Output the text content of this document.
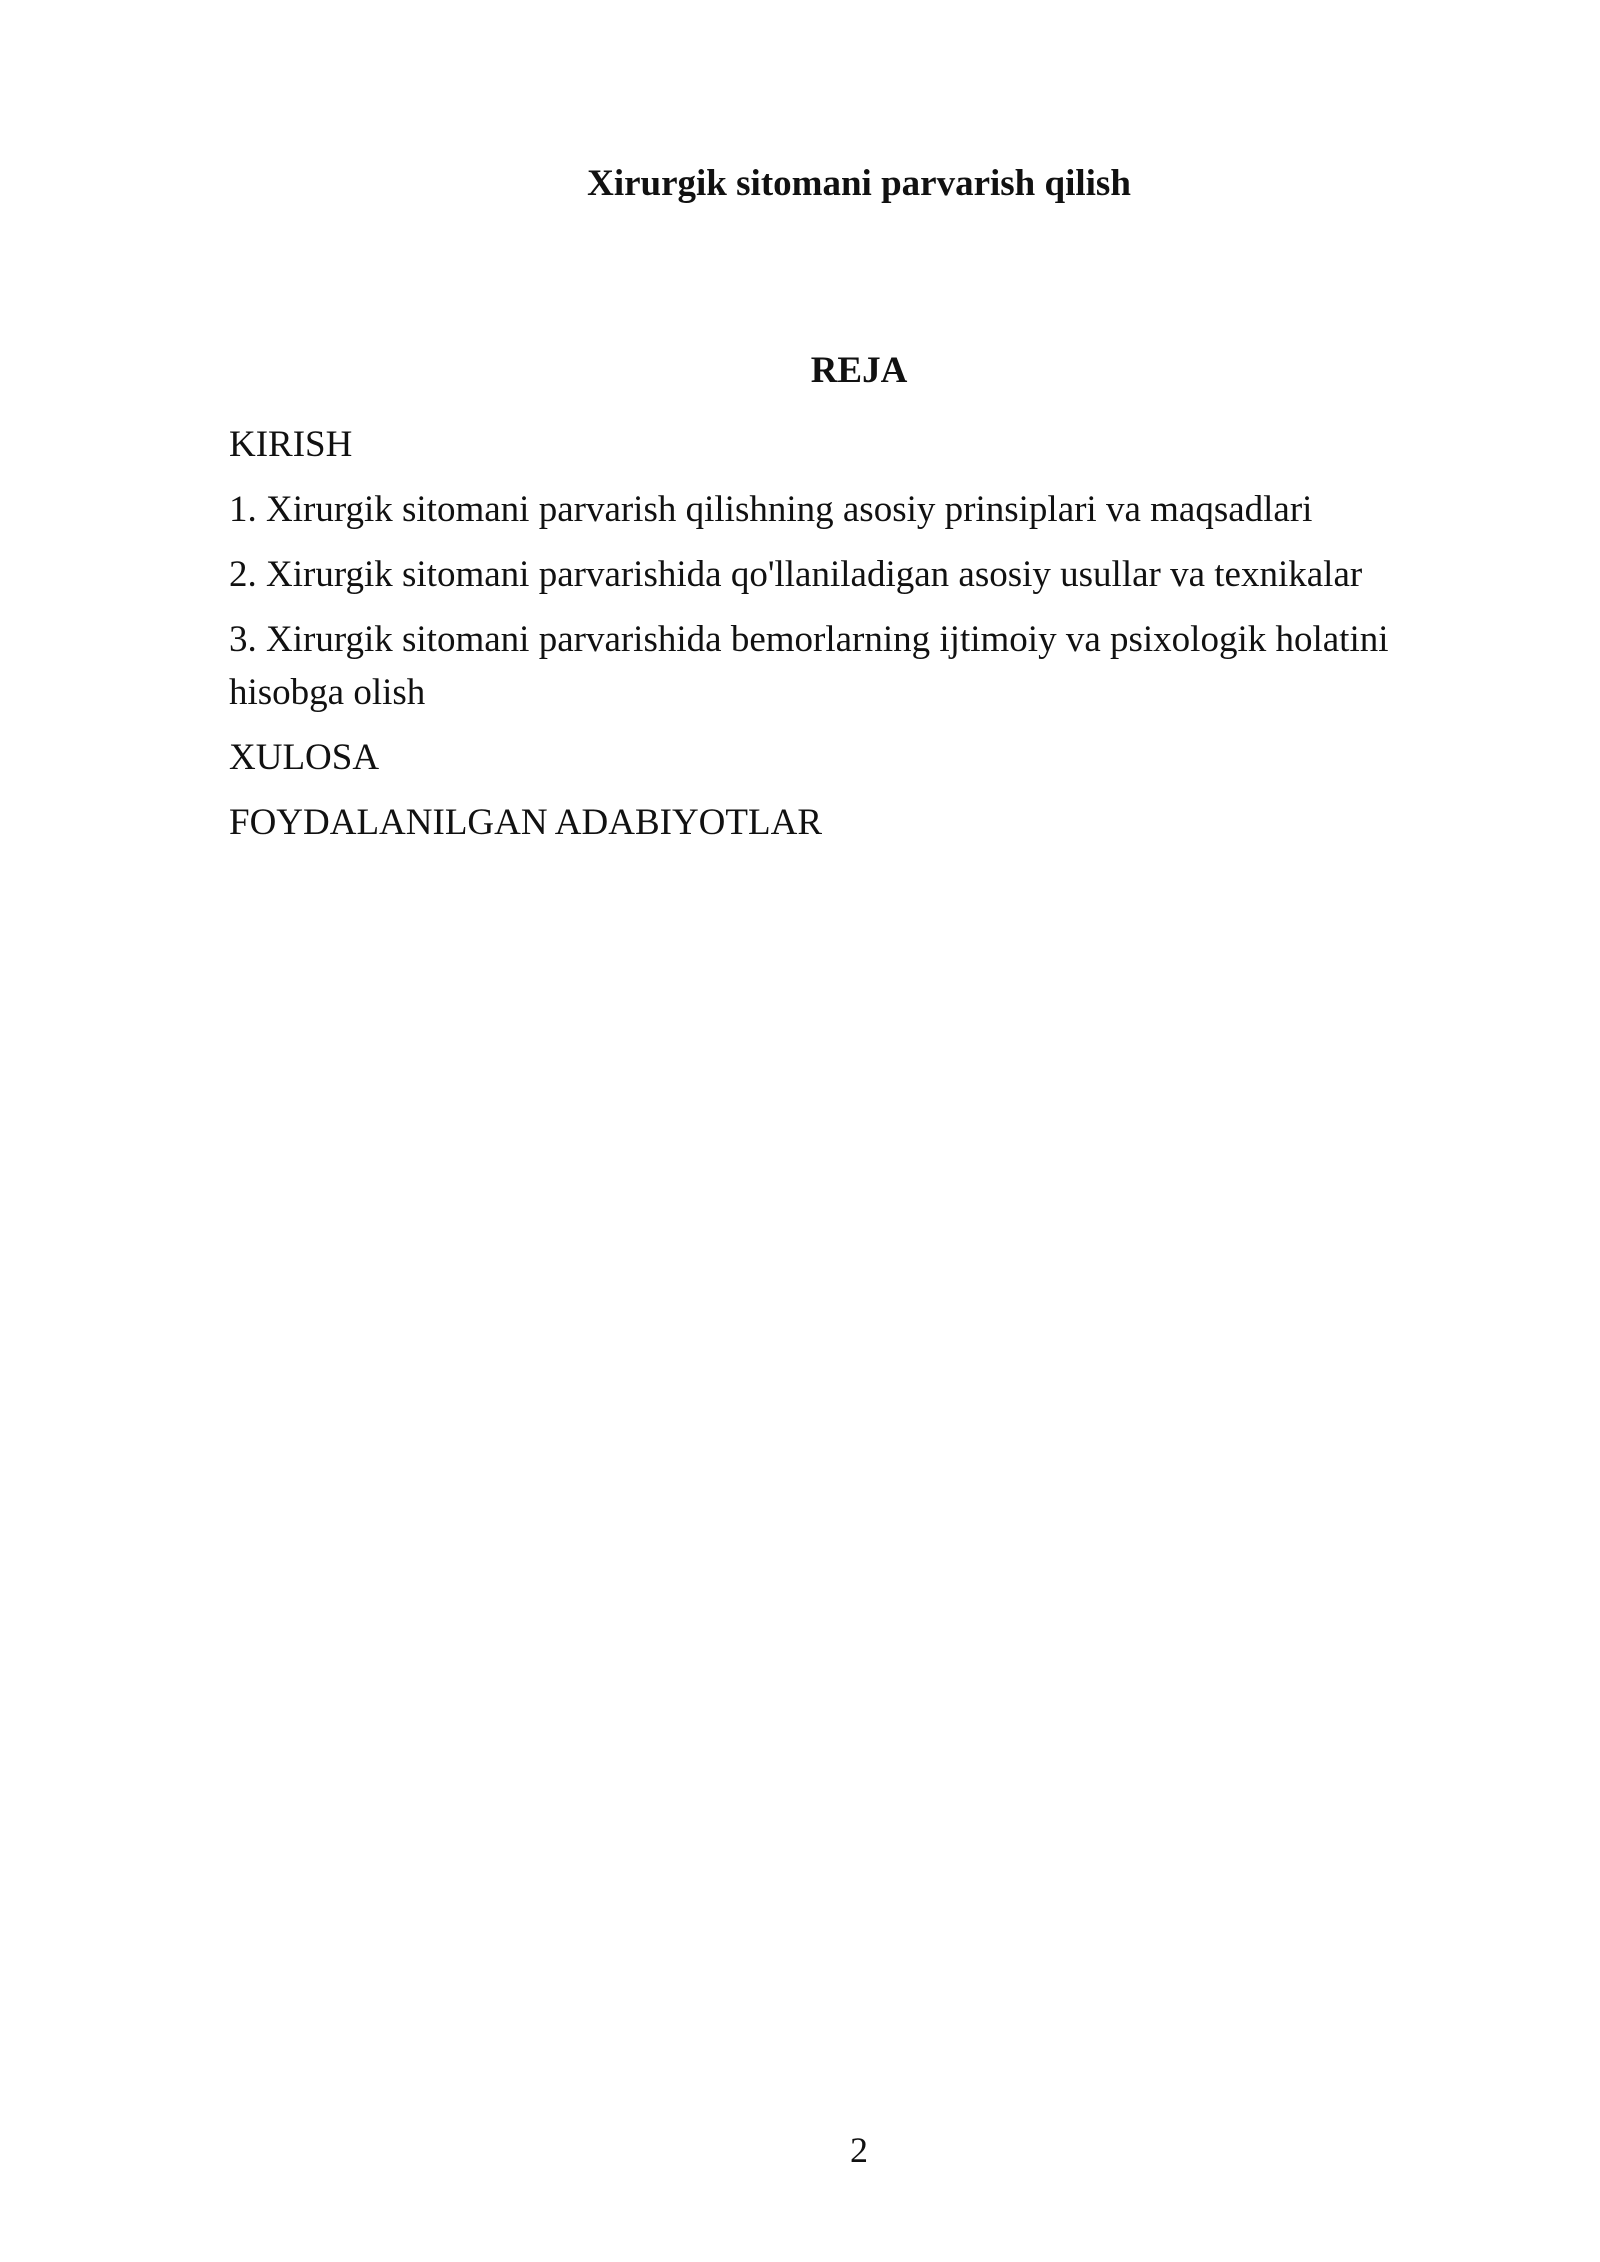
Xirurgik sitomani parvarish qilish
REJA
KIRISH
1. Xirurgik sitomani parvarish qilishning asosiy prinsiplari va maqsadlari
2. Xirurgik sitomani parvarishida qo'llaniladigan asosiy usullar va texnikalar
3. Xirurgik sitomani parvarishida bemorlarning ijtimoiy va psixologik holatini hisobga olish
XULOSA
FOYDALANILGAN ADABIYOTLAR
2
